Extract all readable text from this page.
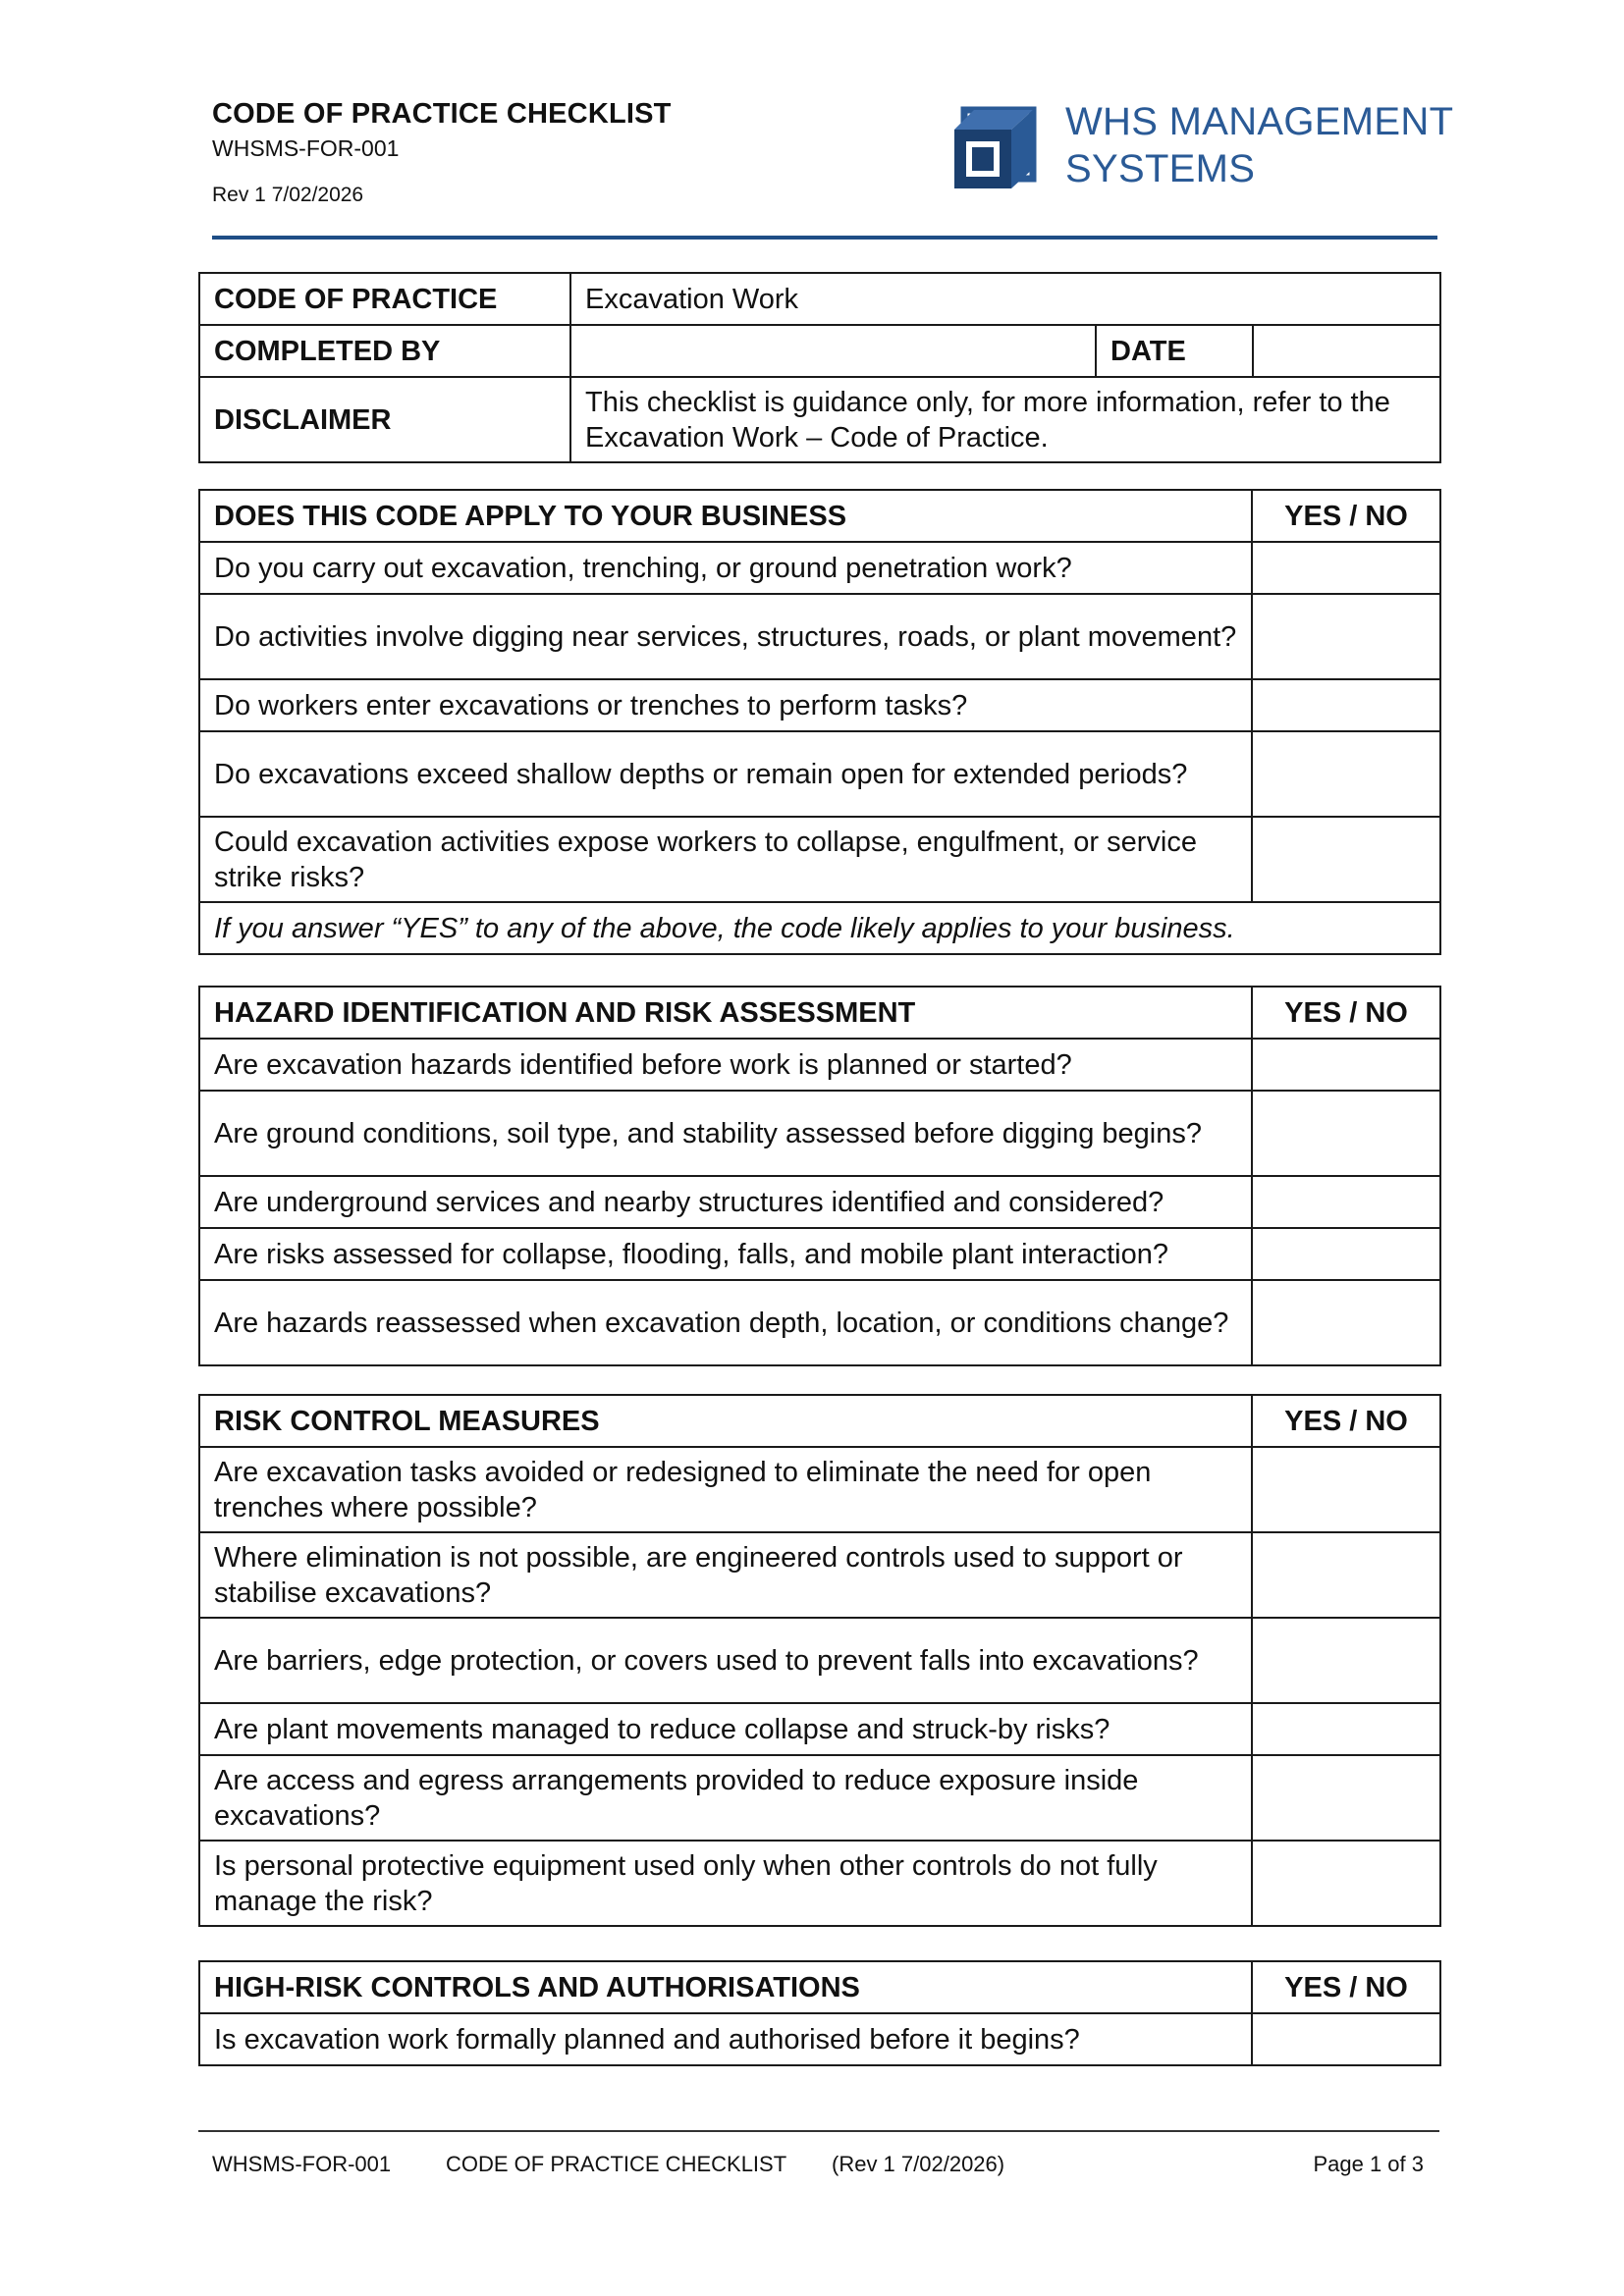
CODE OF PRACTICE CHECKLIST
WHSMS-FOR-001
Rev 1 7/02/2026
WHS MANAGEMENT
SYSTEMS
CODE OF PRACTICE	Excavation Work		
COMPLETED BY		DATE	
DISCLAIMER	This checklist is guidance only, for more information, refer to the Excavation Work – Code of Practice.		
DOES THIS CODE APPLY TO YOUR BUSINESS	YES / NO
Do you carry out excavation, trenching, or ground penetration work?	
Do activities involve digging near services, structures, roads, or plant movement?	
Do workers enter excavations or trenches to perform tasks?	
Do excavations exceed shallow depths or remain open for extended periods?	
Could excavation activities expose workers to collapse, engulfment, or service strike risks?	
If you answer “YES” to any of the above, the code likely applies to your business.	
HAZARD IDENTIFICATION AND RISK ASSESSMENT	YES / NO
Are excavation hazards identified before work is planned or started?	
Are ground conditions, soil type, and stability assessed before digging begins?	
Are underground services and nearby structures identified and considered?	
Are risks assessed for collapse, flooding, falls, and mobile plant interaction?	
Are hazards reassessed when excavation depth, location, or conditions change?	
RISK CONTROL MEASURES	YES / NO
Are excavation tasks avoided or redesigned to eliminate the need for open trenches where possible?	
Where elimination is not possible, are engineered controls used to support or stabilise excavations?	
Are barriers, edge protection, or covers used to prevent falls into excavations?	
Are plant movements managed to reduce collapse and struck-by risks?	
Are access and egress arrangements provided to reduce exposure inside excavations?	
Is personal protective equipment used only when other controls do not fully manage the risk?	
HIGH-RISK CONTROLS AND AUTHORISATIONS	YES / NO
Is excavation work formally planned and authorised before it begins?	
WHSMS-FOR-001	CODE OF PRACTICE CHECKLIST (Rev 1 7/02/2026)	Page 1 of 3
